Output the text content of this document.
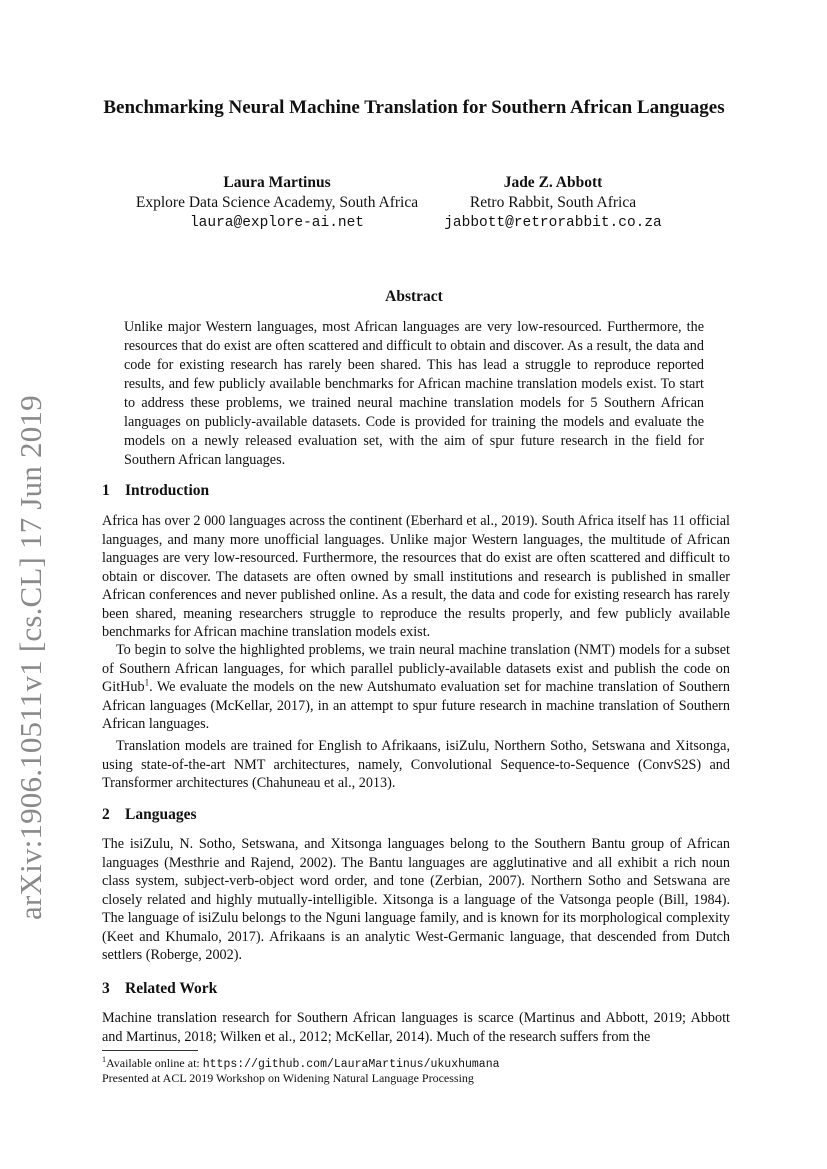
arXiv:1906.10511v1 [cs.CL] 17 Jun 2019
Benchmarking Neural Machine Translation for Southern African Languages
Laura Martinus
Explore Data Science Academy, South Africa
laura@explore-ai.net
Jade Z. Abbott
Retro Rabbit, South Africa
jabbott@retrorabbit.co.za
Abstract

Unlike major Western languages, most African languages are very low-resourced. Furthermore, the resources that do exist are often scattered and difficult to obtain and discover. As a result, the data and code for existing research has rarely been shared. This has lead a struggle to reproduce reported results, and few publicly available benchmarks for African machine translation models exist. To start to address these problems, we trained neural machine translation models for 5 Southern African languages on publicly-available datasets. Code is provided for training the models and evaluate the models on a newly released evaluation set, with the aim of spur future research in the field for Southern African languages.

1 Introduction

Africa has over 2 000 languages across the continent (Eberhard et al., 2019). South Africa itself has 11 official languages, and many more unofficial languages. Unlike major Western languages, the multitude of African languages are very low-resourced. Furthermore, the resources that do exist are often scattered and difficult to obtain or discover. The datasets are often owned by small institutions and research is published in smaller African conferences and never published online. As a result, the data and code for existing research has rarely been shared, meaning researchers struggle to reproduce the results properly, and few publicly available benchmarks for African machine translation models exist.

To begin to solve the highlighted problems, we train neural machine translation (NMT) models for a subset of Southern African languages, for which parallel publicly-available datasets exist and publish the code on GitHub$^1$. We evaluate the models on the new Autshumato evaluation set for machine translation of Southern African languages (McKellar, 2017), in an attempt to spur future research in machine translation of Southern African languages.

Translation models are trained for English to Afrikaans, isiZulu, Northern Sotho, Setswana and Xitsonga, using state-of-the-art NMT architectures, namely, Convolutional Sequence-to-Sequence (ConvS2S) and Transformer architectures (Chahuneau et al., 2013).

2 Languages

The isiZulu, N. Sotho, Setswana, and Xitsonga languages belong to the Southern Bantu group of African languages (Mesthrie and Rajend, 2002). The Bantu languages are agglutinative and all exhibit a rich noun class system, subject-verb-object word order, and tone (Zerbian, 2007). Northern Sotho and Setswana are closely related and highly mutually-intelligible. Xitsonga is a language of the Vatsonga people (Bill, 1984). The language of isiZulu belongs to the Nguni language family, and is known for its morphological complexity (Keet and Khumalo, 2017). Afrikaans is an analytic West-Germanic language, that descended from Dutch settlers (Roberge, 2002).

3 Related Work

Machine translation research for Southern African languages is scarce (Martinus and Abbott, 2019; Abbott and Martinus, 2018; Wilken et al., 2012; McKellar, 2014). Much of the research suffers from the

$^1$Available online at: https://github.com/LauraMartinus/ukuxhumana

Presented at ACL 2019 Workshop on Widening Natural Language Processing
